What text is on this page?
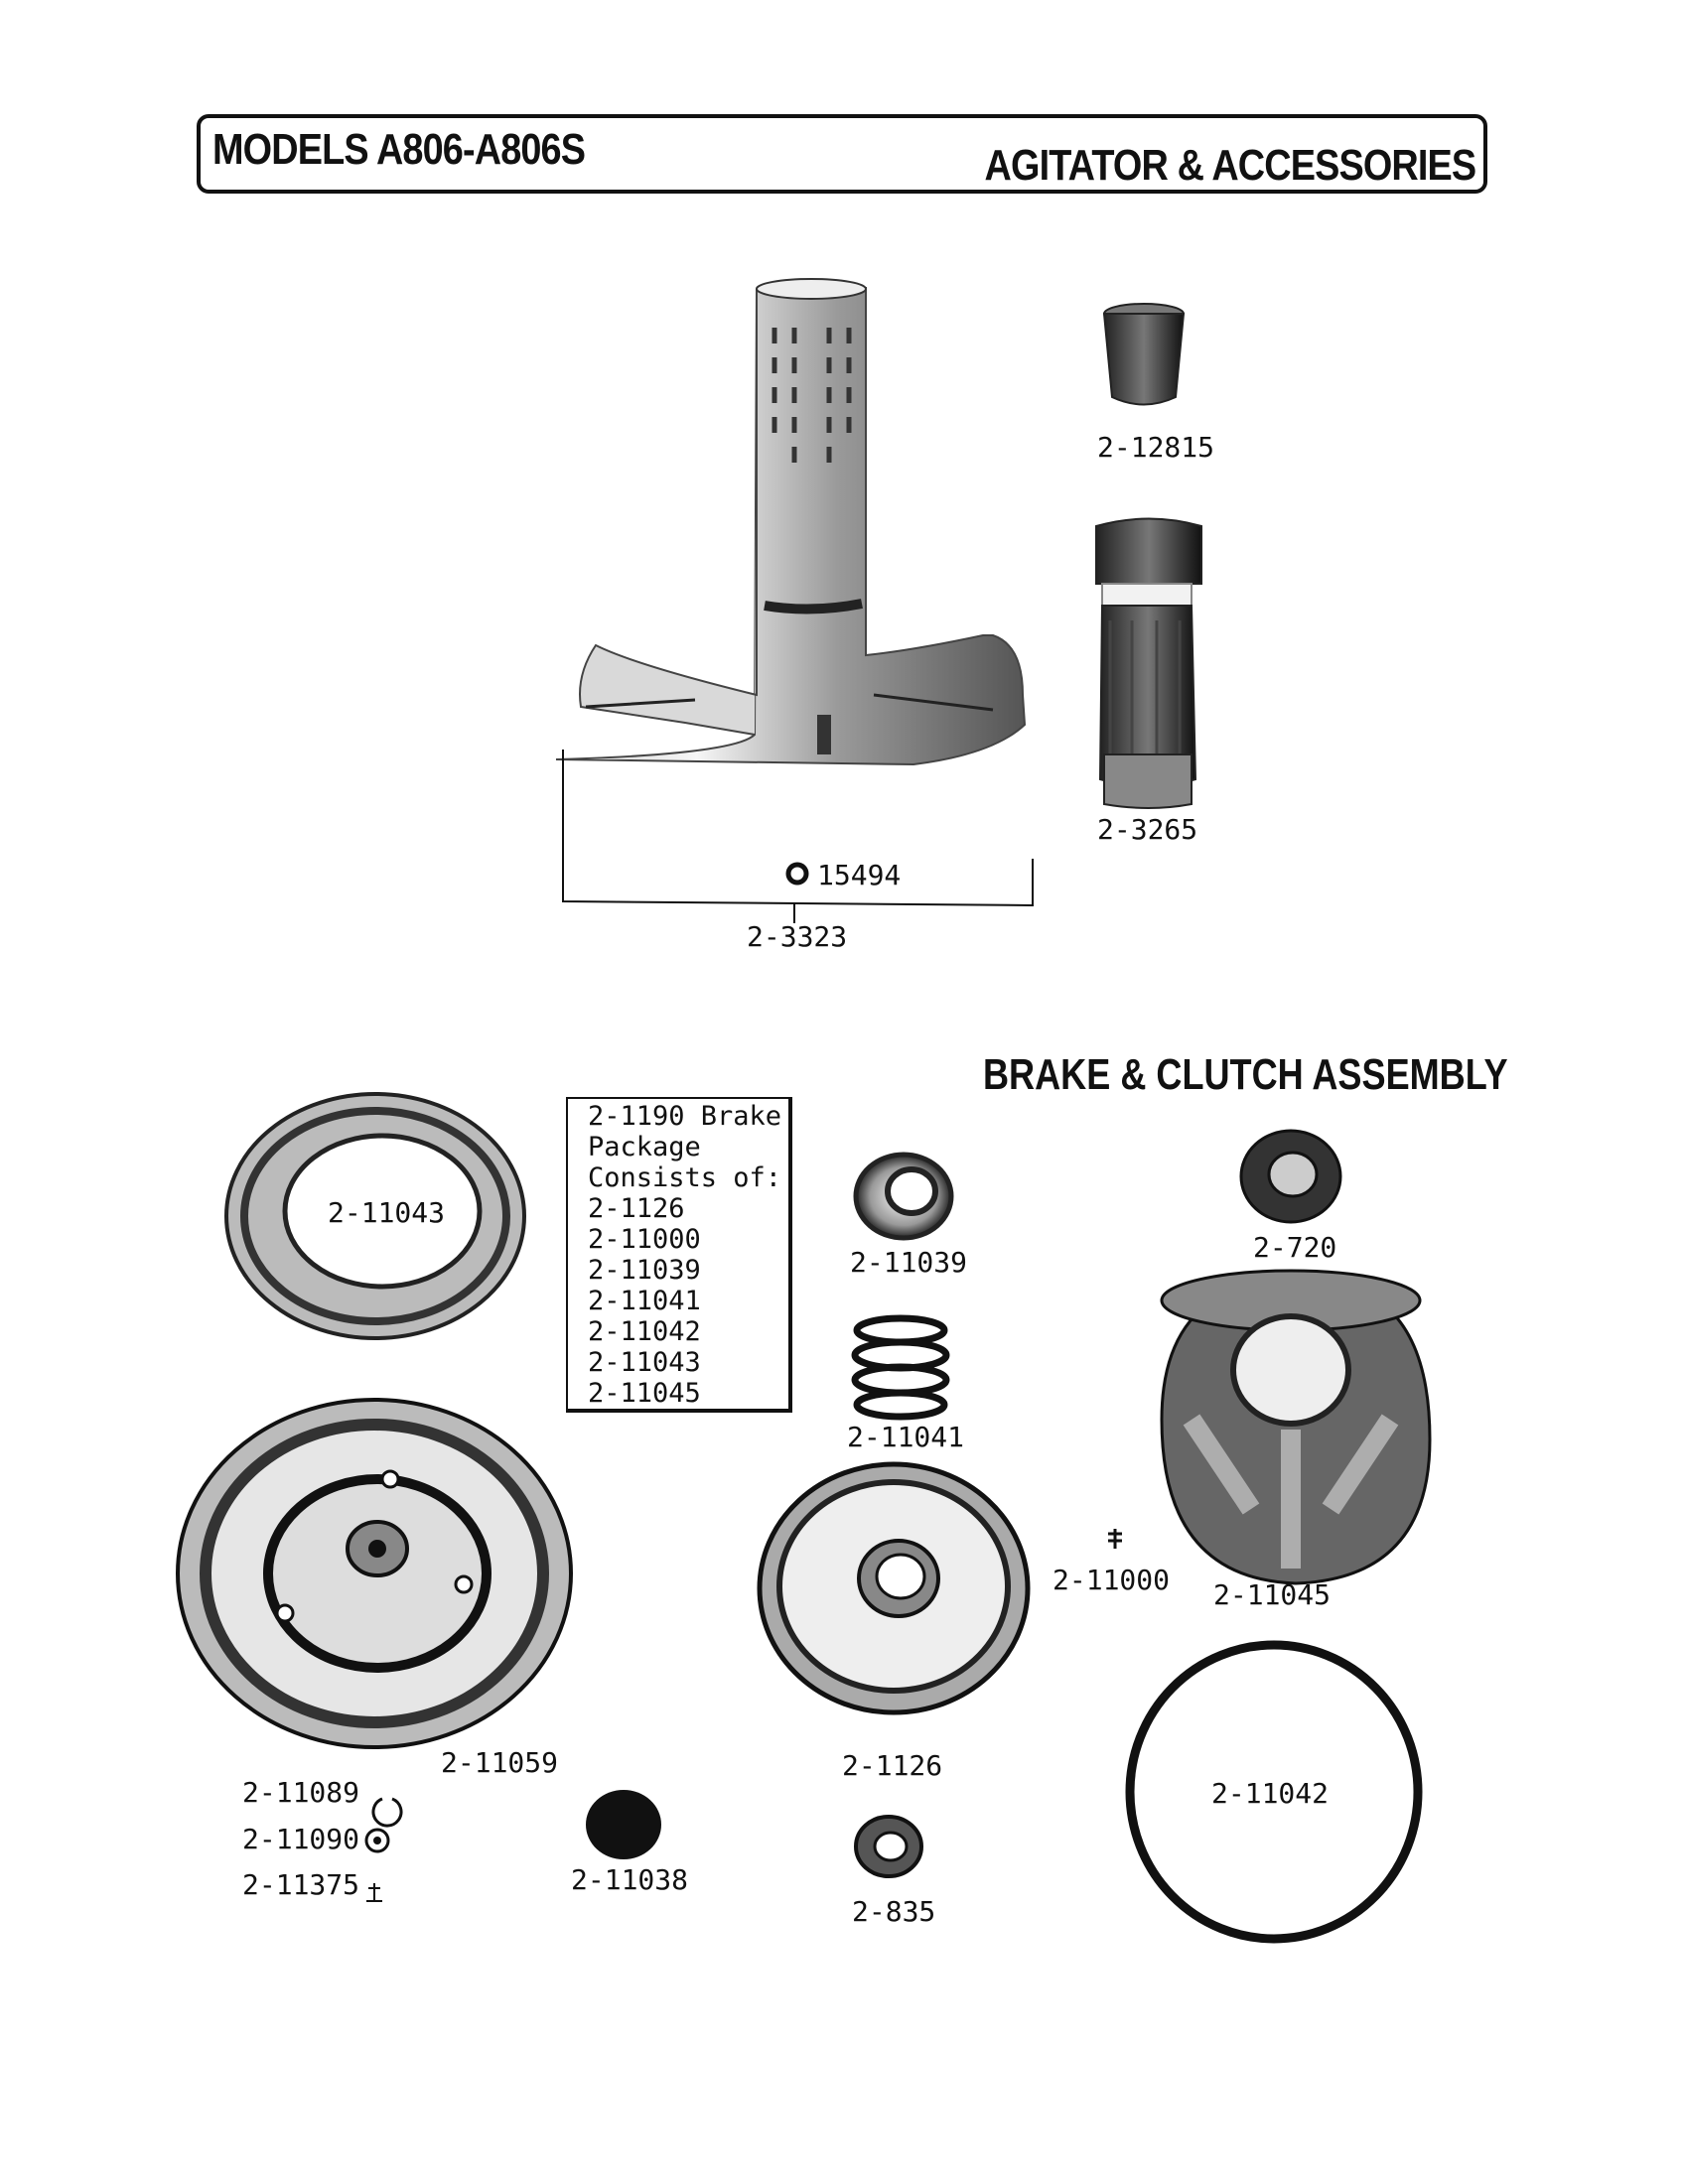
MODELS A806-A806S	AGITATOR & ACCESSORIES
2-12815
2-3265
15494
2-3323
BRAKE & CLUTCH ASSEMBLY
2-1190 Brake
Package
Consists of:
2-1126
2-11000
2-11039
2-11041
2-11042
2-11043
2-11045
2-11043
2-11039	2-720
2-11041
2-11000 2-11045
2-11059	2-1126
2-11042
2-11089
2-11090
2-11375	2-11038
2-835
